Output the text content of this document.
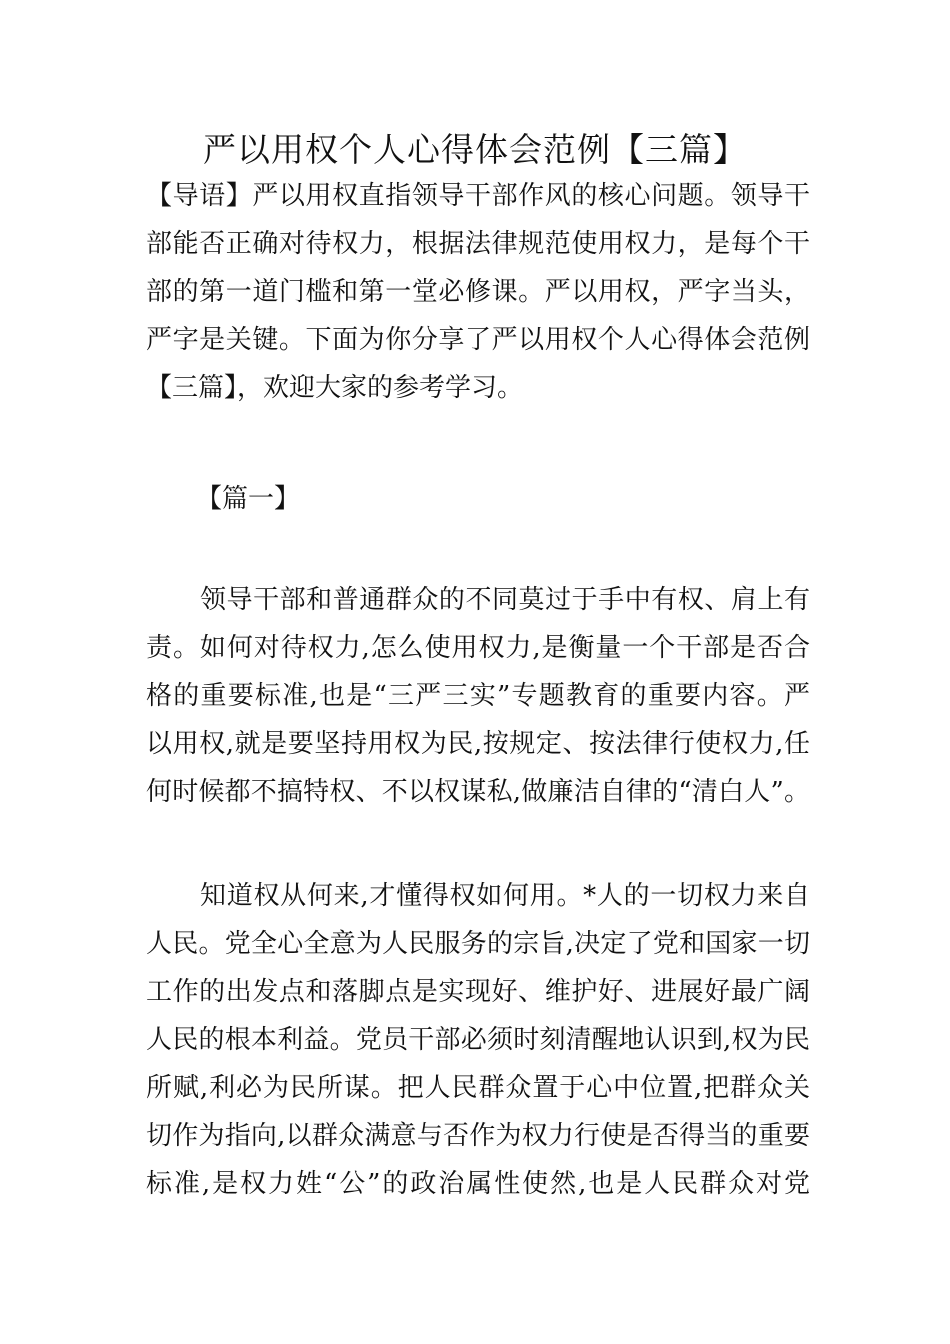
严以用权个人心得体会范例【三篇】
【导语】严以用权直指领导干部作风的核心问题。领导干
部能否正确对待权力，根据法律规范使用权力，是每个干
部的第一道门槛和第一堂必修课。严以用权，严字当头，
严字是关键。下面为你分享了严以用权个人心得体会范例
【三篇】，欢迎大家的参考学习。
【篇一】
领导干部和普通群众的不同莫过于手中有权、肩上有
责。如何对待权力,怎么使用权力,是衡量一个干部是否合
格的重要标准,也是“三严三实”专题教育的重要内容。严
以用权,就是要坚持用权为民,按规定、按法律行使权力,任
何时候都不搞特权、不以权谋私,做廉洁自律的“清白人”。
知道权从何来,才懂得权如何用。*人的一切权力来自
人民。党全心全意为人民服务的宗旨,决定了党和国家一切
工作的出发点和落脚点是实现好、维护好、进展好最广阔
人民的根本利益。党员干部必须时刻清醒地认识到,权为民
所赋,利必为民所谋。把人民群众置于心中位置,把群众关
切作为指向,以群众满意与否作为权力行使是否得当的重要
标准,是权力姓“公”的政治属性使然,也是人民群众对党
